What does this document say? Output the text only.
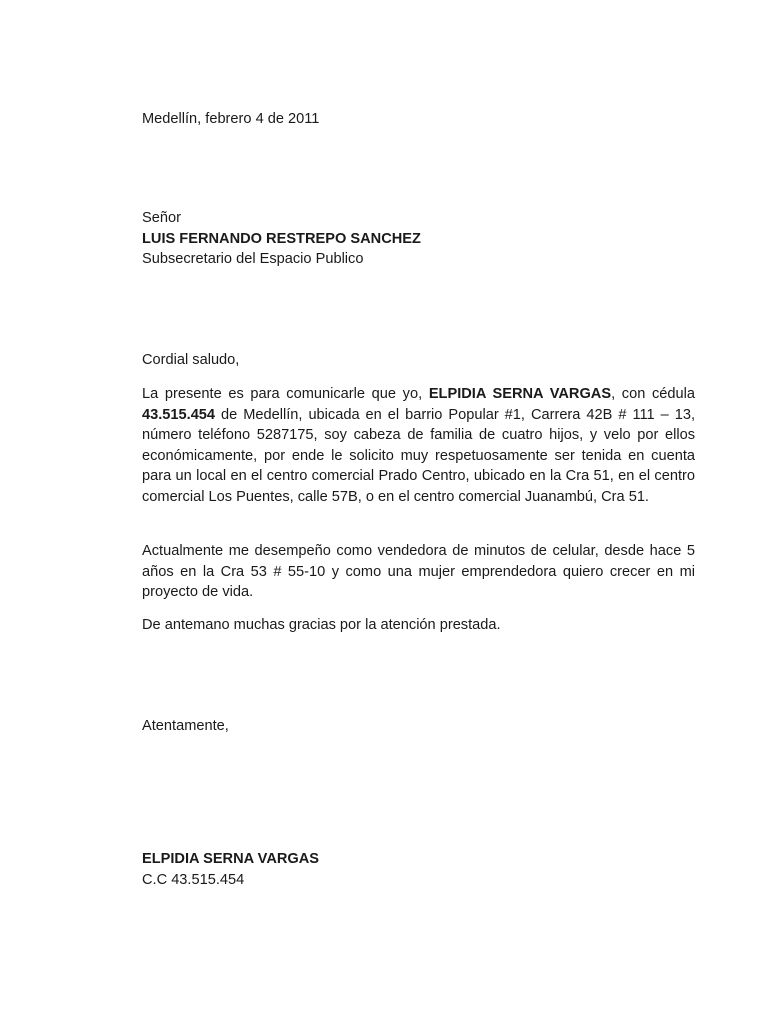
Medellín, febrero 4 de 2011
Señor
LUIS FERNANDO RESTREPO SANCHEZ
Subsecretario del Espacio Publico
Cordial saludo,

La presente es para comunicarle que yo, ELPIDIA SERNA VARGAS, con cédula 43.515.454 de Medellín, ubicada en el barrio Popular #1, Carrera 42B # 111 – 13, número teléfono 5287175, soy cabeza de familia de cuatro hijos, y velo por ellos económicamente, por ende le solicito muy respetuosamente ser tenida en cuenta para un local en el centro comercial Prado Centro, ubicado en la Cra 51, en el centro comercial Los Puentes, calle 57B, o en el centro comercial Juanambú, Cra 51.

Actualmente me desempeño como vendedora de minutos de celular, desde hace 5 años en la Cra 53 # 55-10 y como una mujer emprendedora quiero crecer en mi proyecto de vida.

De antemano muchas gracias por la atención prestada.

Atentamente,
ELPIDIA SERNA VARGAS
C.C 43.515.454
